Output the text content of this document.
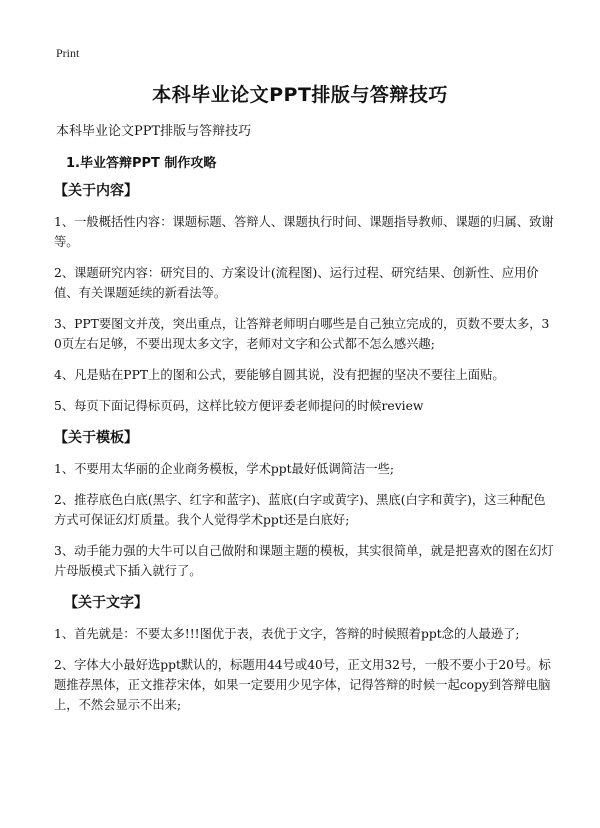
Print
本科毕业论文PPT排版与答辩技巧
本科毕业论文PPT排版与答辩技巧
1.毕业答辩PPT 制作攻略
【关于内容】

1、一般概括性内容：课题标题、答辩人、课题执行时间、课题指导教师、课题的归属、致谢等。

2、课题研究内容：研究目的、方案设计(流程图)、运行过程、研究结果、创新性、应用价值、有关课题延续的新看法等。

3、PPT要图文并茂，突出重点，让答辩老师明白哪些是自己独立完成的，页数不要太多，30页左右足够，不要出现太多文字，老师对文字和公式都不怎么感兴趣;

4、凡是贴在PPT上的图和公式，要能够自圆其说，没有把握的坚决不要往上面贴。

5、每页下面记得标页码，这样比较方便评委老师提问的时候review

【关于模板】

1、不要用太华丽的企业商务模板，学术ppt最好低调简洁一些;

2、推荐底色白底(黑字、红字和蓝字)、蓝底(白字或黄字)、黑底(白字和黄字)，这三种配色方式可保证幻灯质量。我个人觉得学术ppt还是白底好;

3、动手能力强的大牛可以自己做附和课题主题的模板，其实很简单，就是把喜欢的图在幻灯片母版模式下插入就行了。

【关于文字】

1、首先就是：不要太多!!!图优于表，表优于文字，答辩的时候照着ppt念的人最逊了;

2、字体大小最好选ppt默认的，标题用44号或40号，正文用32号，一般不要小于20号。标题推荐黑体，正文推荐宋体，如果一定要用少见字体，记得答辩的时候一起copy到答辩电脑上，不然会显示不出来;
